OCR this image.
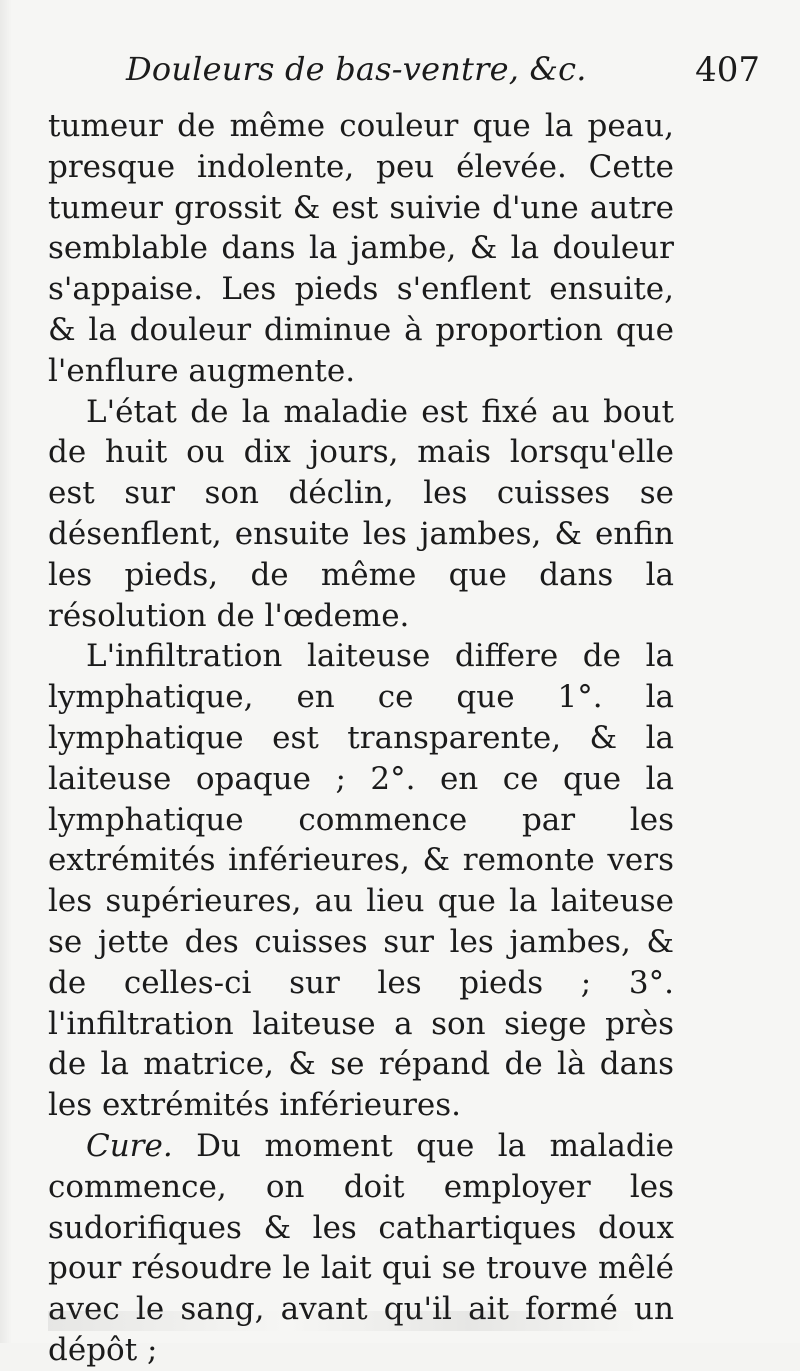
Douleurs de bas-ventre, &c.	407

tumeur de même couleur que la peau, presque indolente, peu élevée. Cette tumeur grossit & est suivie d'une autre semblable dans la jambe, & la douleur s'appaise. Les pieds s'enflent ensuite, & la douleur diminue à proportion que l'enflure augmente.

L'état de la maladie est fixé au bout de huit ou dix jours, mais lorsqu'elle est sur son déclin, les cuisses se désenflent, ensuite les jambes, & enfin les pieds, de même que dans la résolution de l'œdeme.

L'infiltration laiteuse differe de la lymphatique, en ce que 1°. la lymphatique est transparente, & la laiteuse opaque ; 2°. en ce que la lymphatique commence par les extrémités inférieures, & remonte vers les supérieures, au lieu que la laiteuse se jette des cuisses sur les jambes, & de celles-ci sur les pieds ; 3°. l'infiltration laiteuse a son siege près de la matrice, & se répand de là dans les extrémités inférieures.

Cure. Du moment que la maladie commence, on doit employer les sudorifiques & les cathartiques doux pour résoudre le lait qui se trouve mêlé avec le sang, avant qu'il ait formé un dépôt ;
